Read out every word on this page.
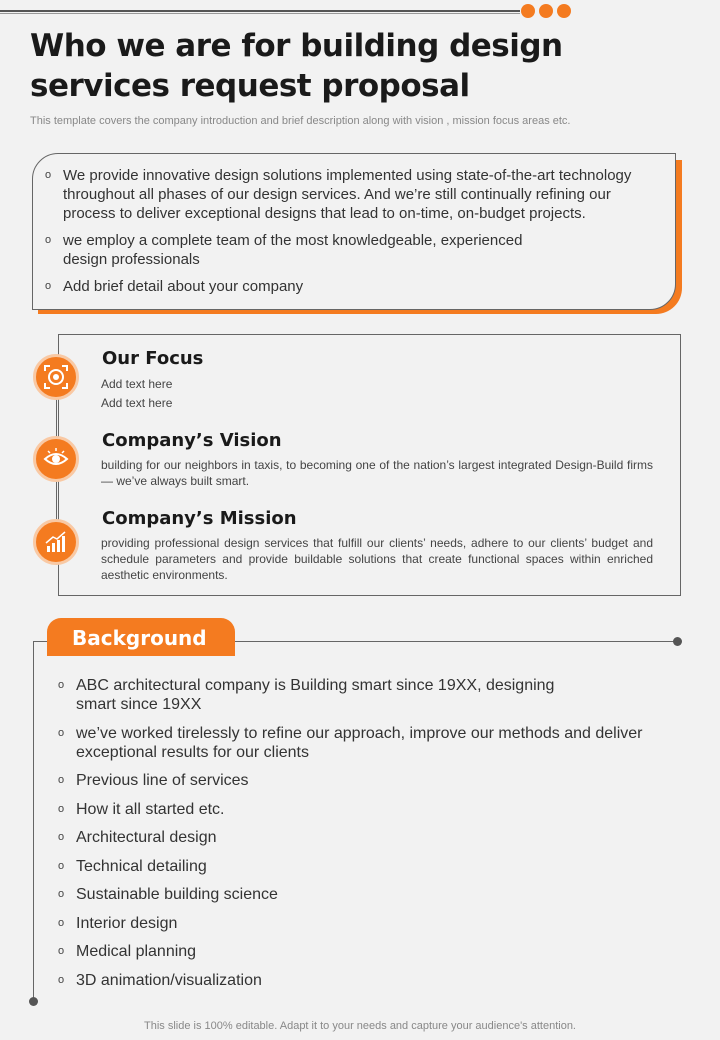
Who we are for building design services request proposal

This template covers the company introduction and brief description along with vision , mission focus areas etc.

o We provide innovative design solutions implemented using state-of-the-art technology throughout all phases of our design services. And we’re still continually refining our process to deliver exceptional designs that lead to on-time, on-budget projects.
o we employ a complete team of the most knowledgeable, experienced design professionals
o Add brief detail about your company
Our Focus
Add text here
Add text here
Company’s Vision
building for our neighbors in taxis, to becoming one of the nation’s largest integrated Design-Build firms — we’ve always built smart.
Company’s Mission
providing professional design services that fulfill our clients’ needs, adhere to our clients’ budget and schedule parameters and provide buildable solutions that create functional spaces within enriched aesthetic environments.
Background
o ABC architectural company is Building smart since 19XX, designing smart since 19XX
o we’ve worked tirelessly to refine our approach, improve our methods and deliver exceptional results for our clients
o Previous line of services
o How it all started etc.
o Architectural design
o Technical detailing
o Sustainable building science
o Interior design
o Medical planning
o 3D animation/visualization
This slide is 100% editable. Adapt it to your needs and capture your audience's attention.
